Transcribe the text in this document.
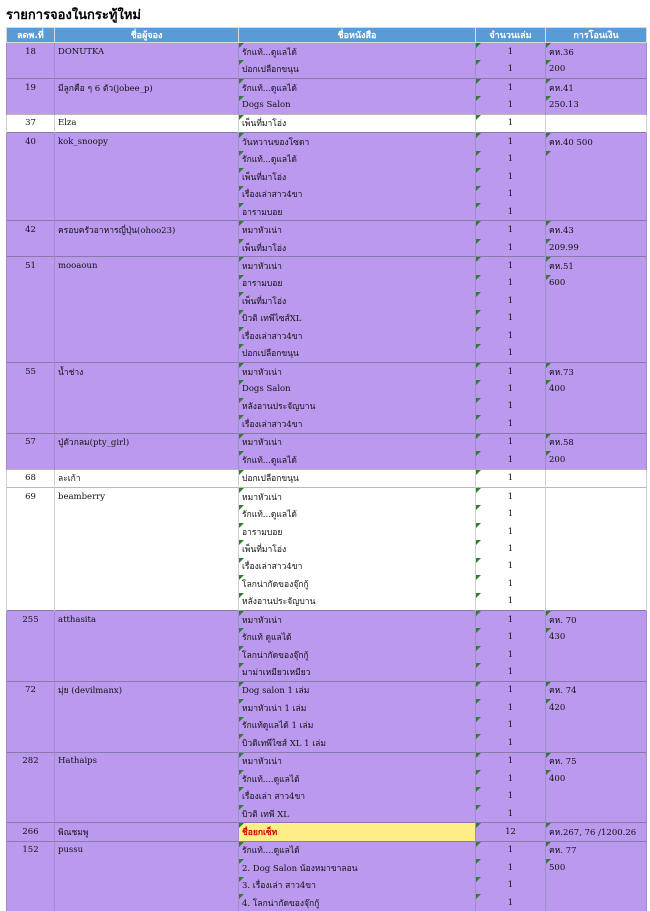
รายการจองในกระทู้ใหม่
ลดพ.ที่	ชื่อผู้จอง	ชื่อหนังสือ	จำนวนเล่ม	การโอนเงิน
18	DONUTKA	รักแท้...ดูแลได้	1	คห.36

ปอกเปลือกขนุน	1	200
19	มีลูกคือ ๆ 6 ตัว(jobee_p)	รักแท้...ดูแลได้	1	คห.41

Dogs Salon	1	250.13
37	Elza	เพ็นที่มาโอ่ง	1	
40	kok_snoopy	วันหวานของโซดา	1	คห.40 500

รักแท้...ดูแลได้	1	

เพ็นที่มาโอ่ง	1	

เรื่องเล่าสาว4ขา	1	

อารามบอย	1	
42	ครอบครัวอาหารญี่ปุ่น(ohoo23)	หมาหัวเน่า	1	คห.43

เพ็นที่มาโอ่ง	1	209.99
51	mooaoun	หมาหัวเน่า	1	คห.51

อารามบอย	1	600

เพ็นที่มาโอ่ง	1	

บิวติ เทพีไซส์XL	1	

เรื่องเล่าสาว4ขา	1	

ปอกเปลือกขนุน	1	
55	น้ำช่าง	หมาหัวเน่า	1	คห.73

Dogs Salon	1	400

หลังอานประจัญบาน	1	

เรื่องเล่าสาว4ขา	1	
57	ปู่ตัวกลม(pty_girl)	หมาหัวเน่า	1	คห.58

รักแท้...ดูแลได้	1	200
68	ละเก้า	ปอกเปลือกขนุน	1	
69	beamberry	หมาหัวเน่า	1	

รักแท้...ดูแลได้	1	

อารามบอย	1	

เพ็นที่มาโอ่ง	1	

เรื่องเล่าสาว4ขา	1	

โลกน่ากัดของจุ๊กกู้	1	

หลังอานประจัญบาน	1	
255	atthasita	หมาหัวเน่า	1	คห. 70

รักแท้ ดูแลได้	1	430

โลกน่ากัดของจุ๊กกู้	1	

มาม่าเหมียวเหมียว	1	
72	มุ่ย (devilmanx)	Dog salon 1 เล่ม	1	คห. 74

หมาหัวเน่า 1 เล่ม	1	420

รักแท้ดูแลได้ 1 เล่ม	1	

บิวติเทพีไซส์ XL 1 เล่ม	1	
282	Hathaips	หมาหัวเน่า	1	คห. 75

รักแท้....ดูแลได้	1	400

เรื่องเล่า สาว4ขา	1	

บิวติ เทพี XL	1	
266	พิณชมพู	ชื่อยกเซ็ท	12	คห.267, 76 /1200.26
152	pussu	รักแท้....ดูแลได้	1	คห. 77

2. Dog Salon น้องหมาขาลอน	1	500

3. เรื่องเล่า สาว4ขา	1	

4. โลกน่ากัดของจุ๊กกู้	1	
